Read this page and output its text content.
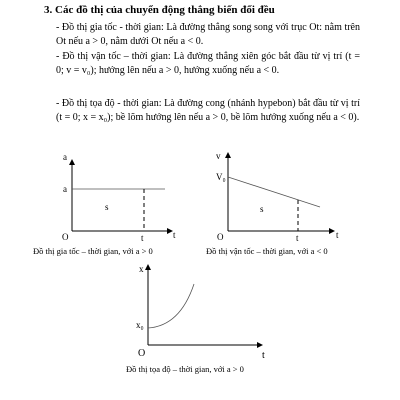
3. Các đồ thị của chuyển động thẳng biến đổi đều

- Đồ thị gia tốc - thời gian: Là đường thẳng song song với trục Ot: nằm trên Ot nếu a > 0, nằm dưới Ot nếu a < 0.

- Đồ thị vận tốc – thời gian: Là đường thẳng xiên góc bắt đầu từ vị trí (t = 0; v = v₀); hướng lên nếu a > 0, hướng xuống nếu a < 0.

- Đồ thị tọa độ - thời gian: Là đường cong (nhánh hypebon) bắt đầu từ vị trí (t = 0; x = x₀); bề lõm hướng lên nếu a > 0, bề lõm hướng xuống nếu a < 0).

a
a
s
O	t	t
Đồ thị gia tốc – thời gian, với a > 0
v
V₀
s
O	t	t
Đồ thị vận tốc – thời gian, với a < 0
x
x₀
O	t
Đồ thị tọa độ – thời gian, với a > 0
